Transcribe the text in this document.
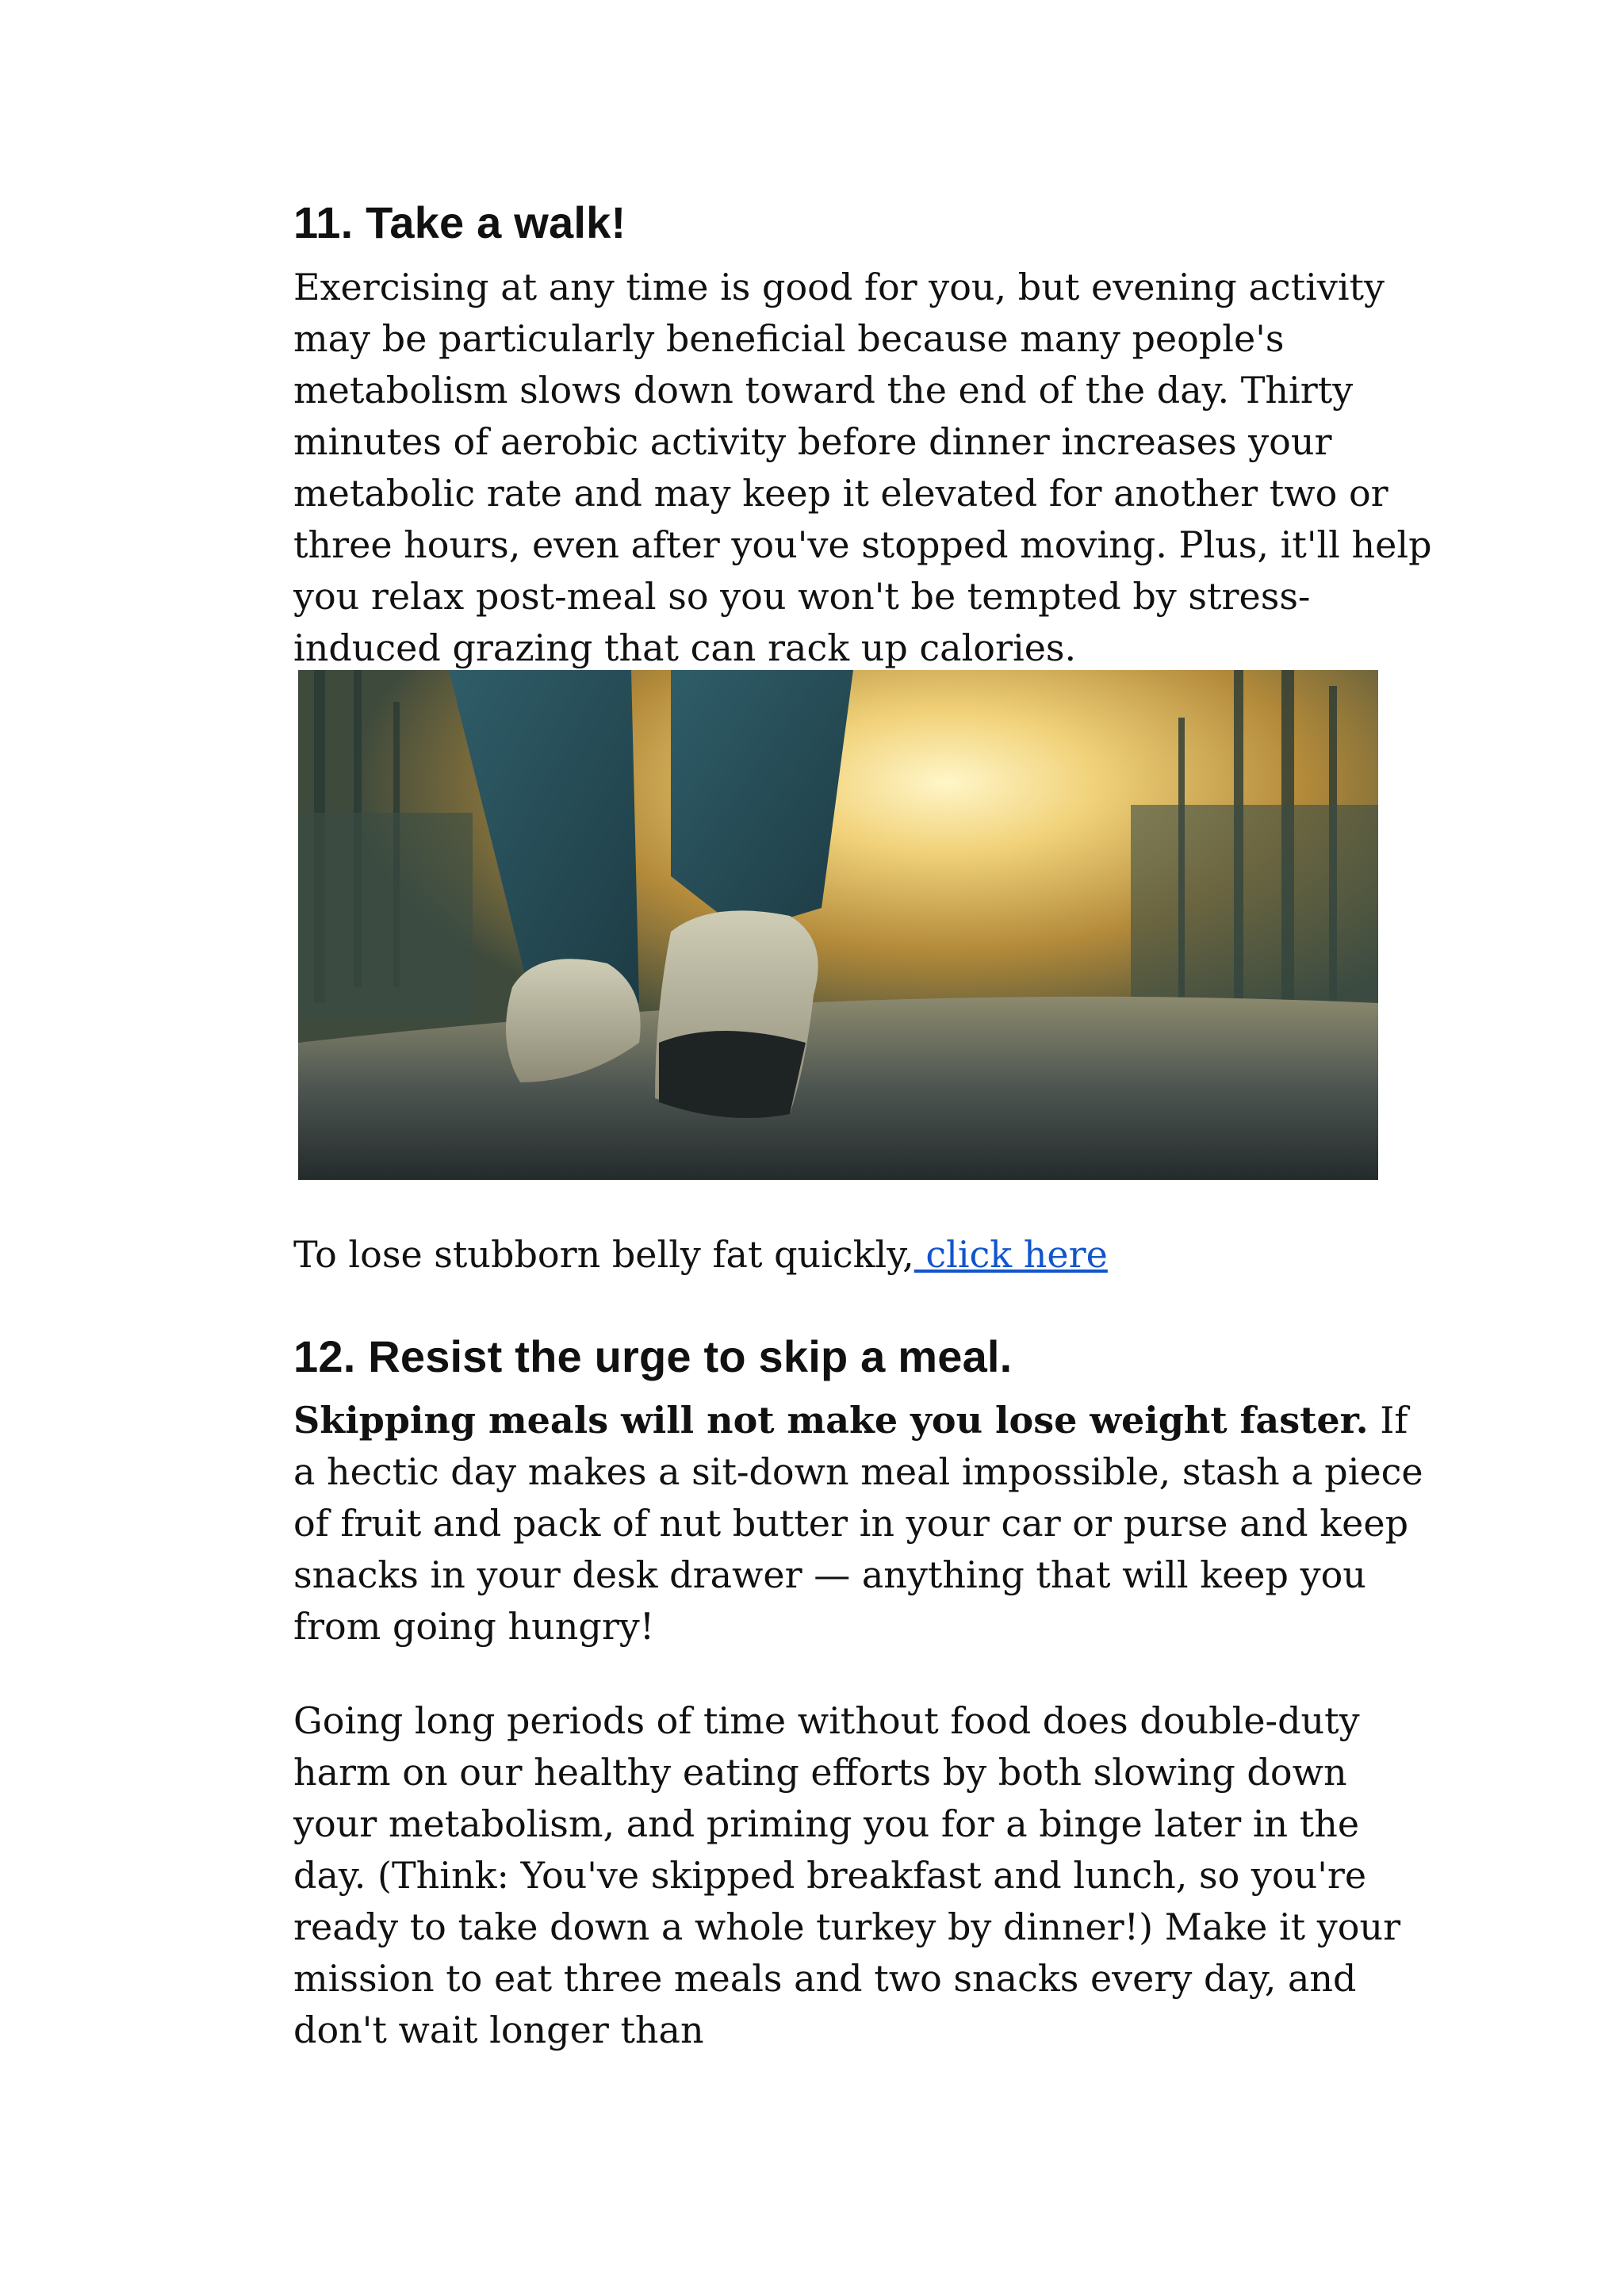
11. Take a walk!

Exercising at any time is good for you, but evening activity may be particularly beneficial because many people's metabolism slows down toward the end of the day. Thirty minutes of aerobic activity before dinner increases your metabolic rate and may keep it elevated for another two or three hours, even after you've stopped moving. Plus, it'll help you relax post-meal so you won't be tempted by stress-induced grazing that can rack up calories.

To lose stubborn belly fat quickly, click here

12. Resist the urge to skip a meal.

Skipping meals will not make you lose weight faster. If a hectic day makes a sit-down meal impossible, stash a piece of fruit and pack of nut butter in your car or purse and keep snacks in your desk drawer — anything that will keep you from going hungry!

Going long periods of time without food does double-duty harm on our healthy eating efforts by both slowing down your metabolism, and priming you for a binge later in the day. (Think: You've skipped breakfast and lunch, so you're ready to take down a whole turkey by dinner!) Make it your mission to eat three meals and two snacks every day, and don't wait longer than
